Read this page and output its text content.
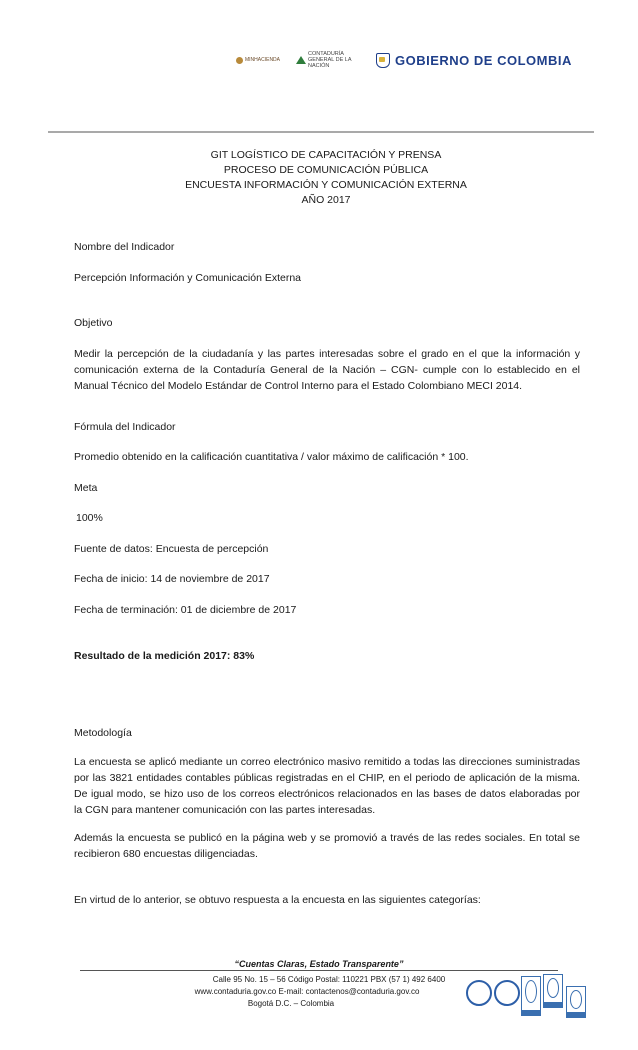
MINHACIENDA
CONTADURÍA GENERAL DE LA NACIÓN	GOBIERNO DE COLOMBIA
GIT LOGÍSTICO DE CAPACITACIÓN Y PRENSA
PROCESO DE COMUNICACIÓN PÚBLICA
ENCUESTA INFORMACIÓN Y COMUNICACIÓN EXTERNA
AÑO 2017
Nombre del Indicador
Percepción Información y Comunicación Externa
Objetivo
Medir la percepción de la ciudadanía y las partes interesadas sobre el grado en el que la información y comunicación externa de la Contaduría General de la Nación – CGN- cumple con lo establecido en el Manual Técnico del Modelo Estándar de Control Interno para el Estado Colombiano MECI 2014.
Fórmula del Indicador
Promedio obtenido en la calificación cuantitativa / valor máximo de calificación * 100.
Meta
100%
Fuente de datos: Encuesta de percepción
Fecha de inicio: 14 de noviembre de 2017
Fecha de terminación: 01 de diciembre de 2017
Resultado de la medición 2017: 83%
Metodología
La encuesta se aplicó mediante un correo electrónico masivo remitido a todas las direcciones suministradas por las 3821 entidades contables públicas registradas en el CHIP, en el periodo de aplicación de la misma. De igual modo, se hizo uso de los correos electrónicos relacionados en las bases de datos elaboradas por la CGN para mantener comunicación con las partes interesadas.
Además la encuesta se publicó en la página web y se promovió a través de las redes sociales. En total se recibieron 680 encuestas diligenciadas.
En virtud de lo anterior, se obtuvo respuesta a la encuesta en las siguientes categorías:
“Cuentas Claras, Estado Transparente”
Calle 95 No. 15 – 56 Código Postal: 110221 PBX (57 1) 492 6400
www.contaduria.gov.co E-mail: contactenos@contaduria.gov.co
Bogotá D.C. – Colombia
